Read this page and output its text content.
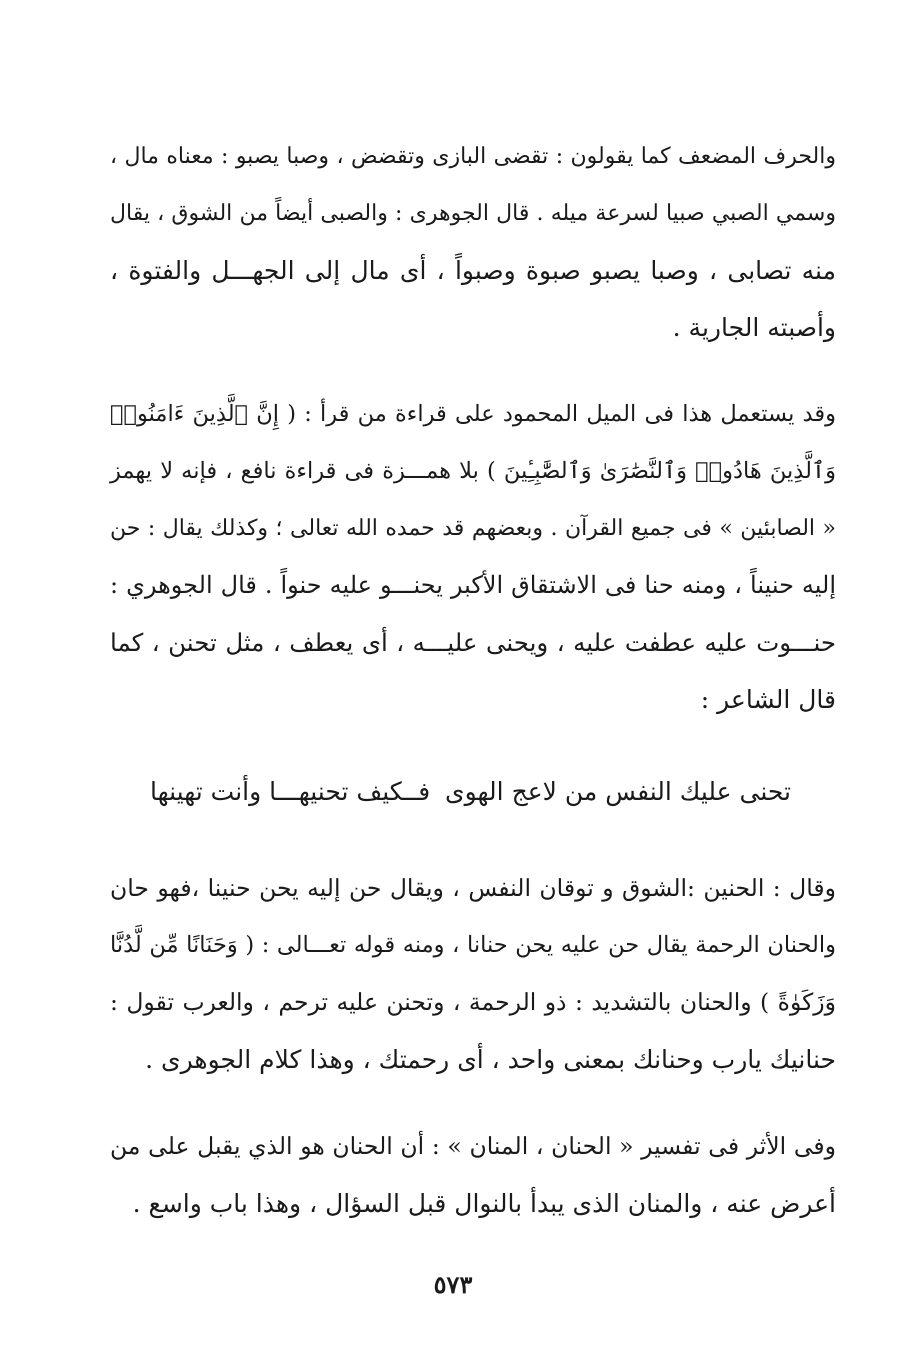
والحرف المضعف كما يقولون : تقضى البازى وتقضض ، وصبا يصبو : معناه مال ،
وسمي الصبي صبيا لسرعة ميله . قال الجوهرى : والصبى أيضاً من الشوق ، يقال
منه تصابى ، وصبا يصبو صبوة وصبواً ، أى مال إلى الجهـــل والفتوة ،
وأصبته الجارية .

وقد يستعمل هذا فى الميل المحمود على قراءة من قرأ : ( إِنَّ ٱلَّذِينَ ءَامَنُوا۟
وَٱلَّذِينَ هَادُوا۟ وَٱلنَّصَٰرَىٰ وَٱلصَّٰبِـِٔينَ ) بلا همـــزة فى قراءة نافع ، فإنه لا يهمز
« الصابئين » فى جميع القرآن . وبعضهم قد حمده الله تعالى ؛ وكذلك يقال : حن
إليه حنيناً ، ومنه حنا فى الاشتقاق الأكبر يحنـــو عليه حنواً . قال الجوهري :
حنـــوت عليه عطفت عليه ، ويحنى عليـــه ، أى يعطف ، مثل تحنن ، كما
قال الشاعر :

تحنى عليك النفس من لاعج الهوى
فــكيف تحنيهـــا وأنت تهينها

وقال : الحنين :الشوق و توقان النفس ، ويقال حن إليه يحن حنينا ،فهو حان
والحنان الرحمة يقال حن عليه يحن حنانا ، ومنه قوله تعـــالى : ( وَحَنَانًا مِّن لَّدُنَّا
وَزَكَوٰةً ) والحنان بالتشديد : ذو الرحمة ، وتحنن عليه ترحم ، والعرب تقول :
حنانيك يارب وحنانك بمعنى واحد ، أى رحمتك ، وهذا كلام الجوهرى .

وفى الأثر فى تفسير « الحنان ، المنان » : أن الحنان هو الذي يقبل على من
أعرض عنه ، والمنان الذى يبدأ بالنوال قبل السؤال ، وهذا باب واسع .

٥٧٣
